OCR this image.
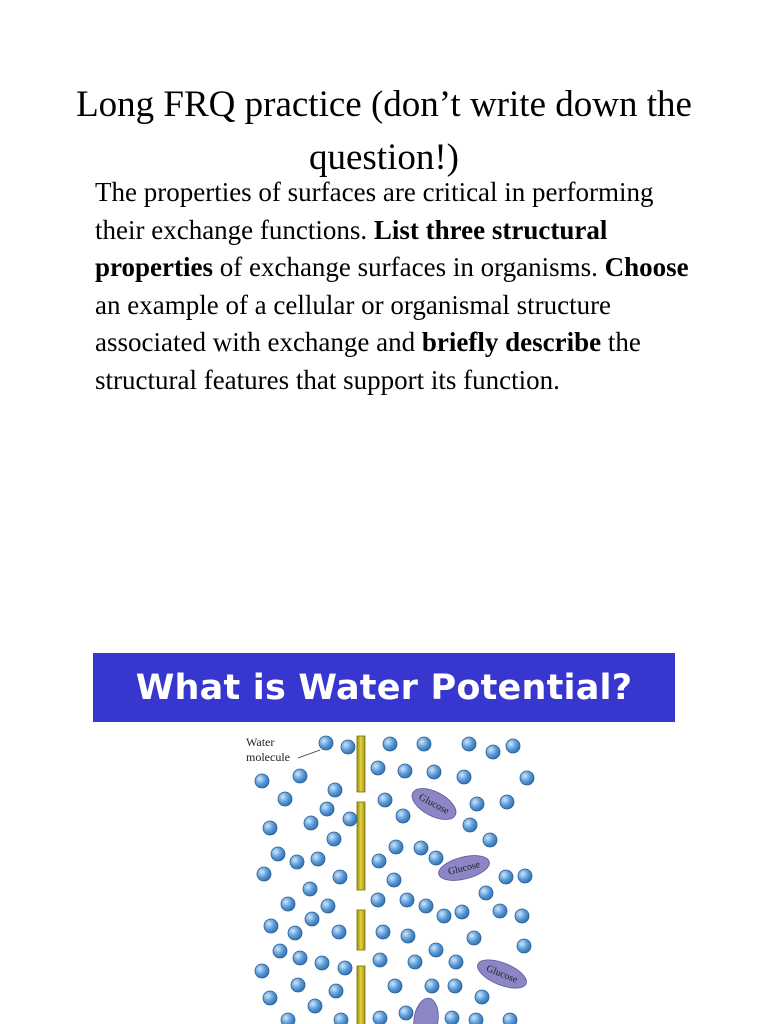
Long FRQ practice (don’t write down the question!)

The properties of surfaces are critical in performing their exchange functions. List three structural properties of exchange surfaces in organisms. Choose an example of a cellular or organismal structure associated with exchange and briefly describe the structural features that support its function.

What is Water Potential?
Water
molecule
Glucose
Glucose
Glucose
